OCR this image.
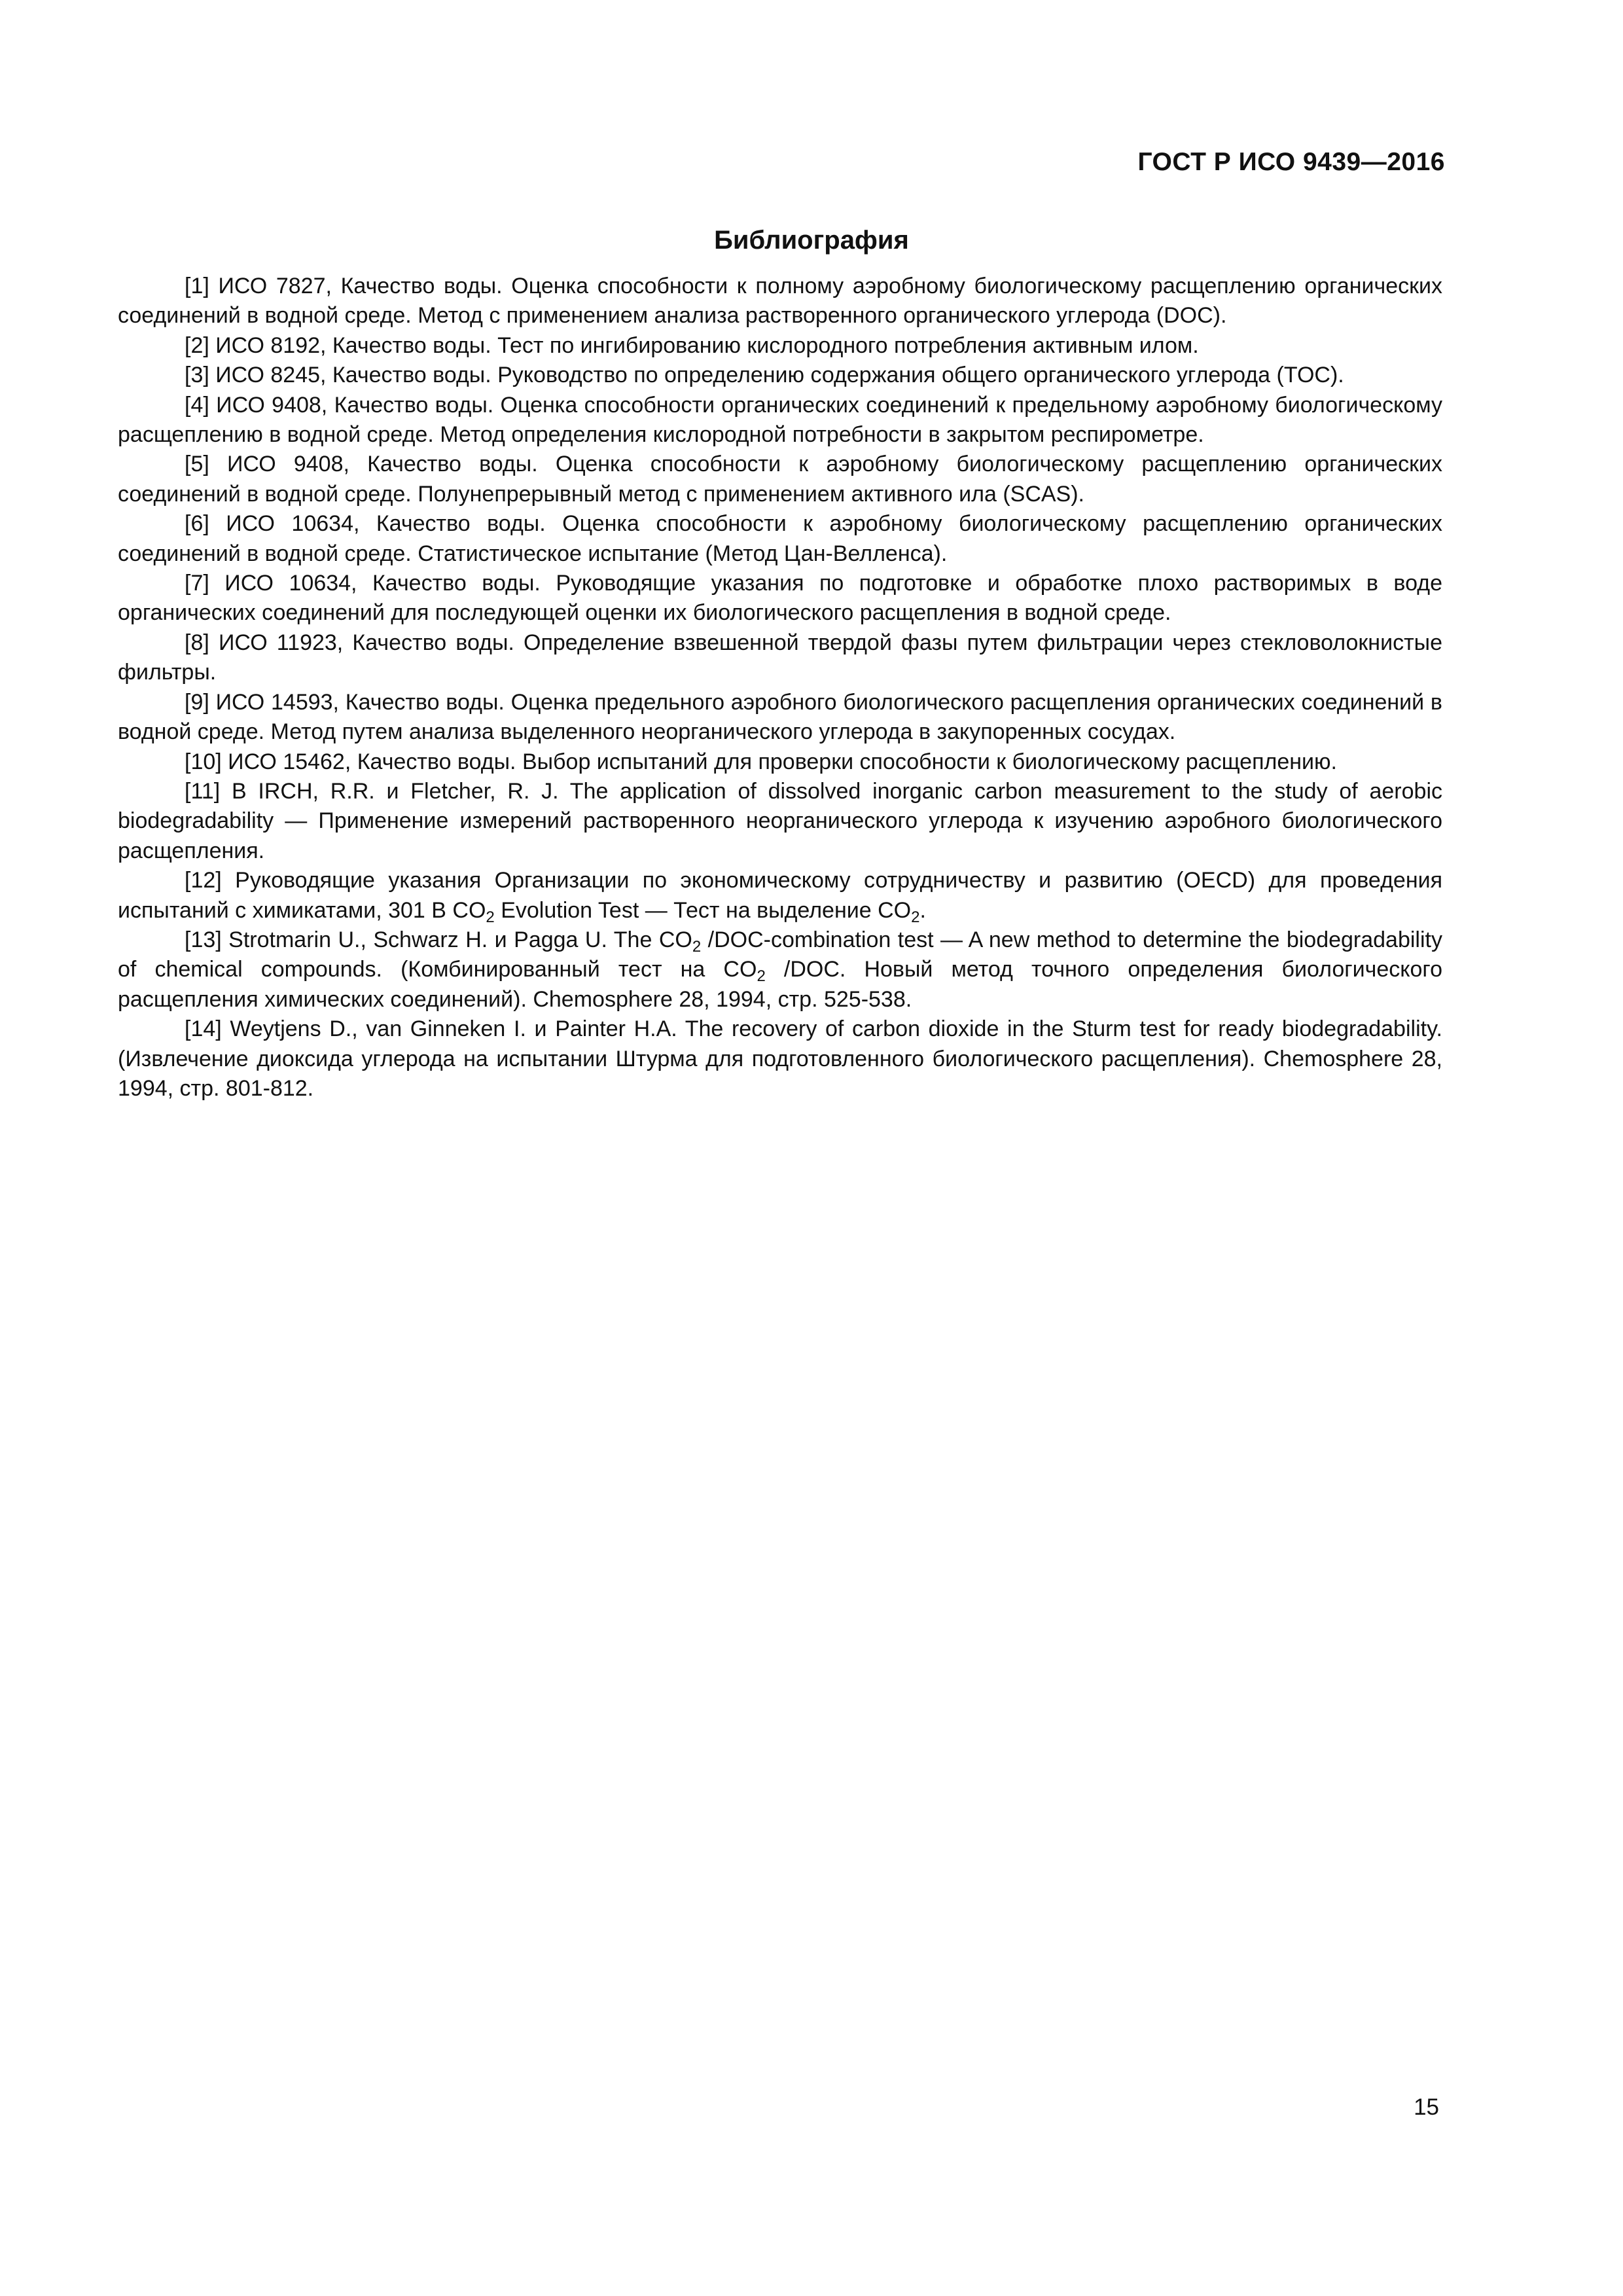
ГОСТ Р ИСО 9439—2016
Библиография

[1] ИСО 7827, Качество воды. Оценка способности к полному аэробному биологическому расщеплению органических соединений в водной среде. Метод с применением анализа растворенного органического углерода (DOC).

[2] ИСО 8192, Качество воды. Тест по ингибированию кислородного потребления активным илом.

[3] ИСО 8245, Качество воды. Руководство по определению содержания общего органического углерода (TOC).

[4] ИСО 9408, Качество воды. Оценка способности органических соединений к предельному аэробному биологическому расщеплению в водной среде. Метод определения кислородной потребности в закрытом респирометре.

[5] ИСО 9408, Качество воды. Оценка способности к аэробному биологическому расщеплению органических соединений в водной среде. Полунепрерывный метод с применением активного ила (SCAS).

[6] ИСО 10634, Качество воды. Оценка способности к аэробному биологическому расщеплению органических соединений в водной среде. Статистическое испытание (Метод Цан-Велленса).

[7] ИСО 10634, Качество воды. Руководящие указания по подготовке и обработке плохо растворимых в воде органических соединений для последующей оценки их биологического расщепления в водной среде.

[8] ИСО 11923, Качество воды. Определение взвешенной твердой фазы путем фильтрации через стекловолокнистые фильтры.

[9] ИСО 14593, Качество воды. Оценка предельного аэробного биологического расщепления органических соединений в водной среде. Метод путем анализа выделенного неорганического углерода в закупоренных сосудах.

[10] ИСО 15462, Качество воды. Выбор испытаний для проверки способности к биологическому расщеплению.

[11] B IRCH, R.R. и Fletcher, R. J. The application of dissolved inorganic carbon measurement to the study of aerobic biodegradability — Применение измерений растворенного неорганического углерода к изучению аэробного биологического расщепления.

[12] Руководящие указания Организации по экономическому сотрудничеству и развитию (OECD) для проведения испытаний с химикатами, 301 B $CO_2$ Evolution Test — Тест на выделение $CO_2$.

[13] Strotmarin U., Schwarz H. и Pagga U. The $CO_2$ /DOC-combination test — A new method to determine the biodegradability of chemical compounds. (Комбинированный тест на $CO_2$ /DOC. Новый метод точного определения биологического расщепления химических соединений). Chemosphere 28, 1994, стр. 525-538.

[14] Weytjens D., van Ginneken I. и Painter H.A. The recovery of carbon dioxide in the Sturm test for ready biodegradability. (Извлечение диоксида углерода на испытании Штурма для подготовленного биологического расщепления). Chemosphere 28, 1994, стр. 801-812.

15
